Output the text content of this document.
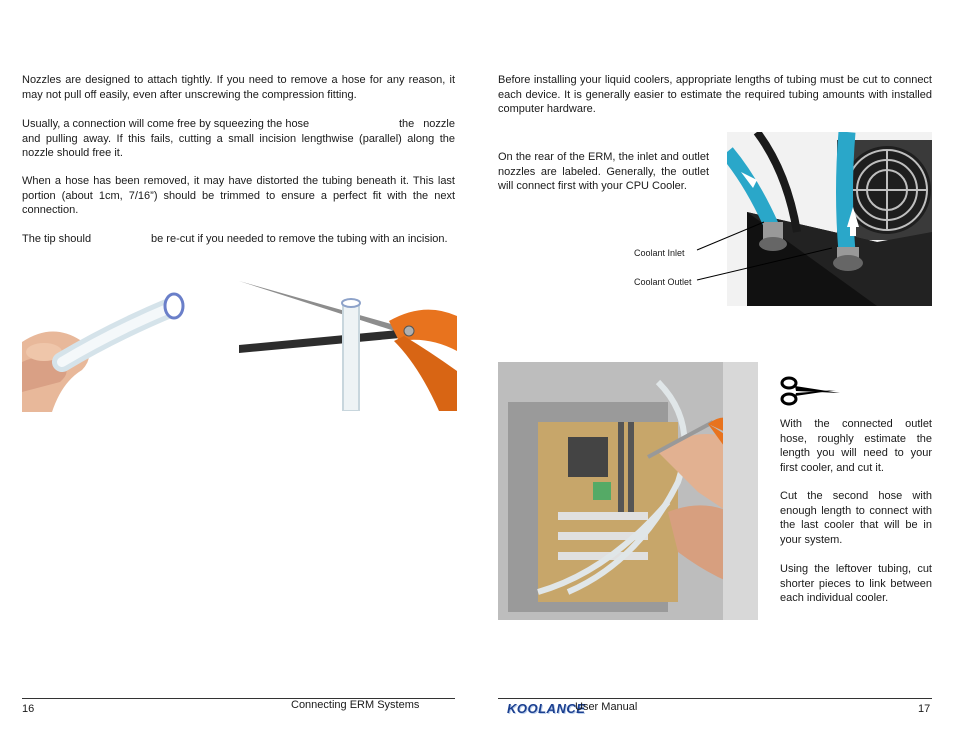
Nozzles are designed to attach tightly. If you need to remove a hose for any reason, it may not pull off easily, even after unscrewing the compression fitting.

Usually, a connection will come free by squeezing the hose	the nozzle and pulling away. If this fails, cutting a small incision lengthwise (parallel) along the nozzle should free it.

When a hose has been removed, it may have distorted the tubing beneath it. This last portion (about 1cm, 7/16”) should be trimmed to ensure a perfect fit with the next connection.

The tip should	be re-cut if you needed to remove the tubing with an incision.

16	Connecting ERM Systems

Before installing your liquid coolers, appropriate lengths of tubing must be cut to connect each device. It is generally easier to estimate the required tubing amounts with installed computer hardware.

On the rear of the ERM, the inlet and outlet nozzles are labeled. Generally, the outlet will connect first with your CPU Cooler.

Coolant Inlet
Coolant Outlet

With the connected outlet hose, roughly estimate the length you will need to your first cooler, and cut it.

Cut the second hose with enough length to connect with the last cooler that will be in your system.

Using the leftover tubing, cut shorter pieces to link between each individual cooler.

KOOLANCE
User Manual	17
